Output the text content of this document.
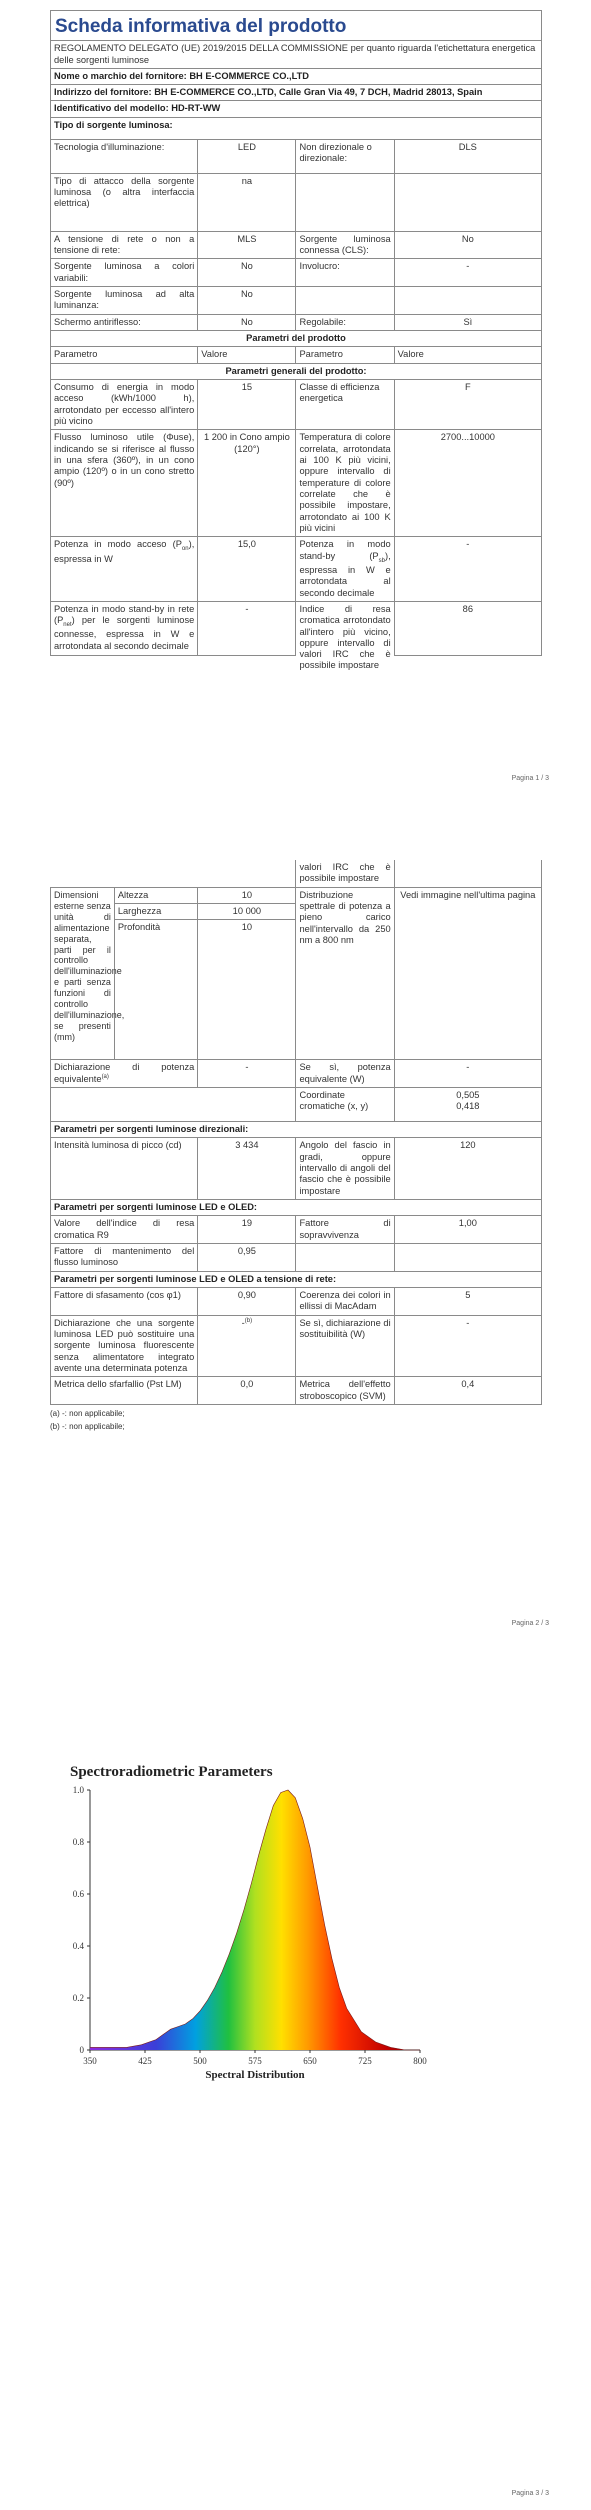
Scheda informativa del prodotto			
REGOLAMENTO DELEGATO (UE) 2019/2015 DELLA COMMISSIONE per quanto riguarda l'etichettatura energetica delle sorgenti luminose			
Nome o marchio del fornitore: BH E-COMMERCE CO.,LTD			
Indirizzo del fornitore: BH E-COMMERCE CO.,LTD, Calle Gran Via 49, 7 DCH, Madrid 28013, Spain			
Identificativo del modello: HD-RT-WW			
Tipo di sorgente luminosa:			
Tecnologia d'illuminazione:	LED	Non direzionale o direzionale:	DLS
Tipo di attacco della sorgente luminosa (o altra interfaccia elettrica)	na		
A tensione di rete o non a tensione di rete:	MLS	Sorgente luminosa connessa (CLS):	No
Sorgente luminosa a colori variabili:	No	Involucro:	-
Sorgente luminosa ad alta luminanza:	No		
Schermo antiriflesso:	No	Regolabile:	Sì
Parametri del prodotto			
Parametro	Valore	Parametro	Valore
Parametri generali del prodotto:			
Consumo di energia in modo acceso (kWh/1000 h), arrotondato per eccesso all'intero più vicino	15	Classe di efficienza energetica	F
Flusso luminoso utile (Φuse), indicando se si riferisce al flusso in una sfera (360º), in un cono ampio (120º) o in un cono stretto (90º)	1 200 in Cono ampio (120°)	Temperatura di colore correlata, arrotondata ai 100 K più vicini, oppure intervallo di temperature di colore correlate che è possibile impostare, arrotondato ai 100 K più vicini	2700...10000
Potenza in modo acceso $(P_{on})$, espressa in W	15,0	Potenza in modo stand-by $(P_{sb})$, espressa in W e arrotondata al secondo decimale	-
Potenza in modo stand-by in rete $(P_{net})$ per le sorgenti luminose connesse, espressa in W e arrotondata al secondo decimale	-	Indice di resa cromatica arrotondato all'intero più vicino, oppure intervallo di valori IRC che è possibile impostare	86
Pagina 1 / 3
			valori IRC che è possibile impostare	
Dimensioni esterne senza unità di alimentazione separata, parti per il controllo dell'illuminazione e parti senza funzioni di controllo dell'illuminazione, se presenti (mm)	Altezza	10	Distribuzione spettrale di potenza a pieno carico nell'intervallo da 250 nm a 800 nm	Vedi immagine nell'ultima pagina
	Larghezza	10 000		
	Profondità	10		
Dichiarazione di potenza equivalente$^{(a)}$		-	Se sì, potenza equivalente (W)	-
			Coordinate cromatiche (x, y)	0,505
0,418

Parametri per sorgenti luminose direzionali:				
Intensità luminosa di picco (cd)		3 434	Angolo del fascio in gradi, oppure intervallo di angoli del fascio che è possibile impostare	120
Parametri per sorgenti luminose LED e OLED:				
Valore dell'indice di resa cromatica R9		19	Fattore di sopravvivenza	1,00
Fattore di mantenimento del flusso luminoso		0,95		
Parametri per sorgenti luminose LED e OLED a tensione di rete:				
Fattore di sfasamento (cos φ1)		0,90	Coerenza dei colori in ellissi di MacAdam	5
Dichiarazione che una sorgente luminosa LED può sostituire una sorgente luminosa fluorescente senza alimentatore integrato avente una determinata potenza		-$^{(b)}$	Se sì, dichiarazione di sostituibilità (W)	-
Metrica dello sfarfallio (Pst LM)		0,0	Metrica dell'effetto stroboscopico (SVM)	0,4
(a) -: non applicabile;
(b) -: non applicabile;
Pagina 2 / 3
Spectroradiometric Parameters
0
0.2
0.4
0.6
0.8
1.0
350	425	500	575	650	725	800
Spectral Distribution
Pagina 3 / 3
